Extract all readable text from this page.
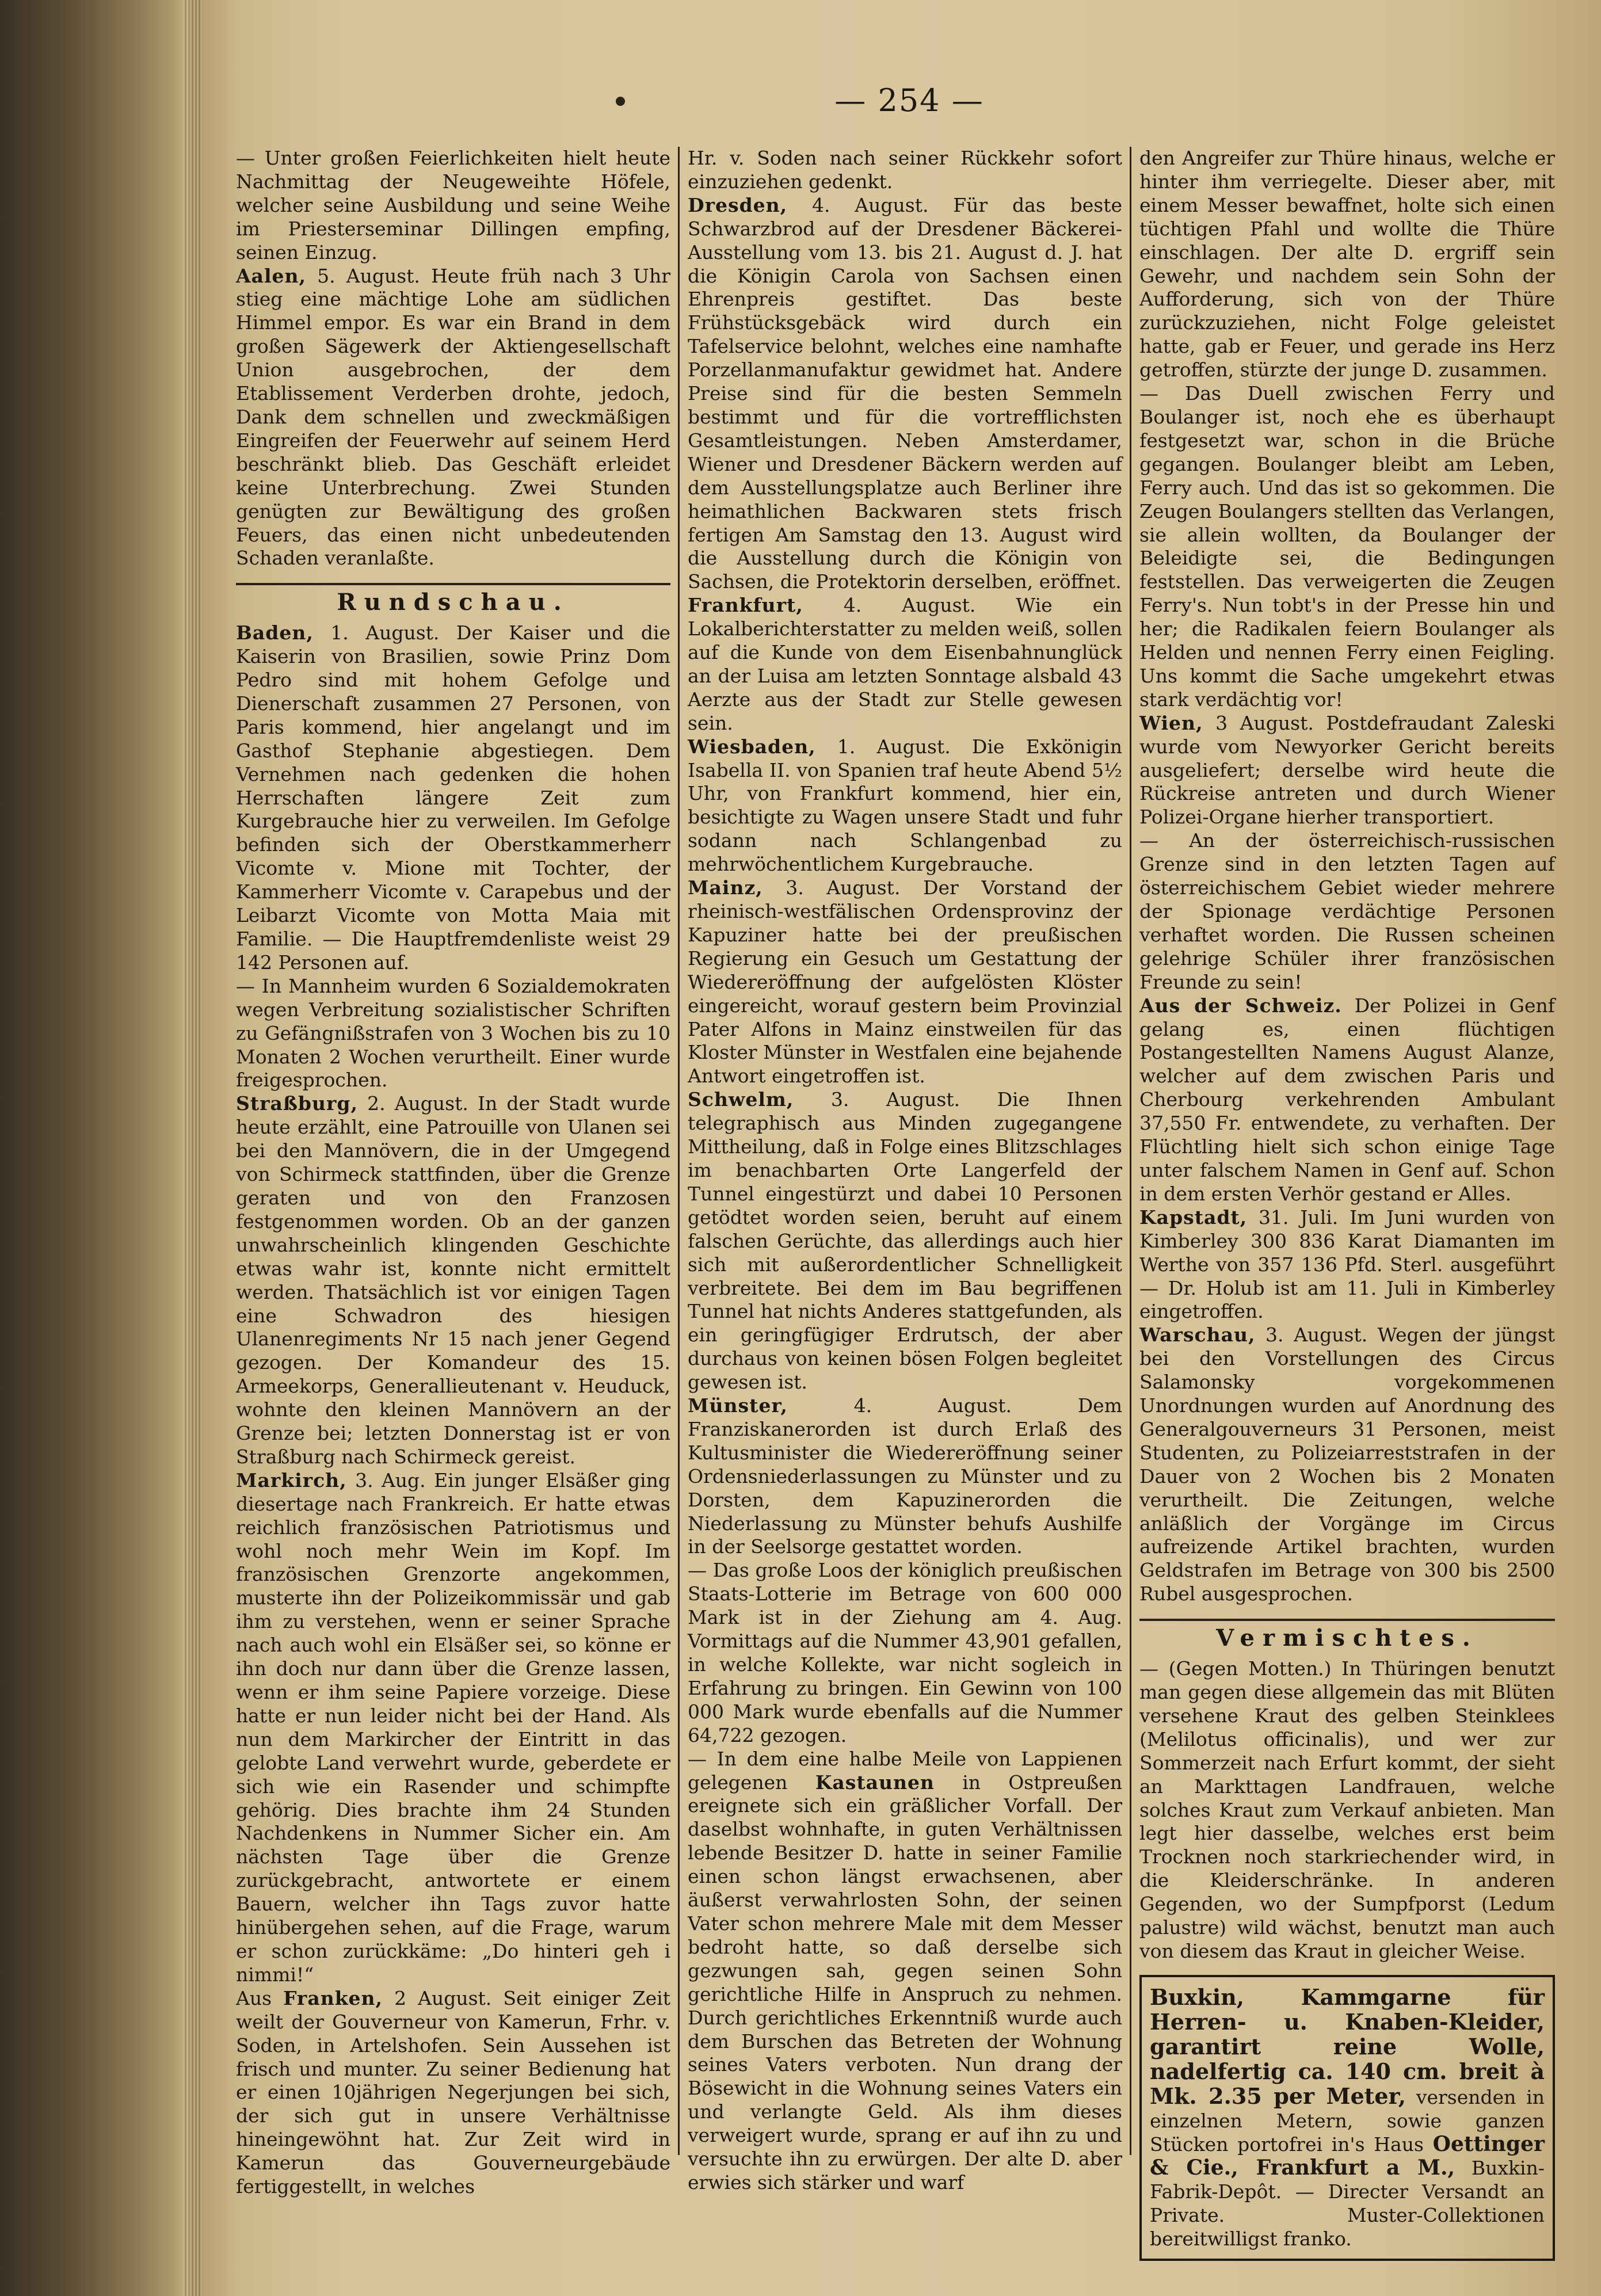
— 254 —

— Unter großen Feierlichkeiten hielt heute Nachmittag der Neugeweihte Höfele, welcher seine Ausbildung und seine Weihe im Priesterseminar Dillingen empfing, seinen Einzug.

Aalen, 5. August. Heute früh nach 3 Uhr stieg eine mächtige Lohe am südlichen Himmel empor. Es war ein Brand in dem großen Sägewerk der Aktiengesellschaft Union ausgebrochen, der dem Etablissement Verderben drohte, jedoch, Dank dem schnellen und zweckmäßigen Eingreifen der Feuerwehr auf seinem Herd beschränkt blieb. Das Geschäft erleidet keine Unterbrechung. Zwei Stunden genügten zur Bewältigung des großen Feuers, das einen nicht unbedeutenden Schaden veranlaßte.

Rundschau.

Baden, 1. August. Der Kaiser und die Kaiserin von Brasilien, sowie Prinz Dom Pedro sind mit hohem Gefolge und Dienerschaft zusammen 27 Personen, von Paris kommend, hier angelangt und im Gasthof Stephanie abgestiegen. Dem Vernehmen nach gedenken die hohen Herrschaften längere Zeit zum Kurgebrauche hier zu verweilen. Im Gefolge befinden sich der Oberstkammerherr Vicomte v. Mione mit Tochter, der Kammerherr Vicomte v. Carapebus und der Leibarzt Vicomte von Motta Maia mit Familie. — Die Hauptfremdenliste weist 29 142 Personen auf.

— In Mannheim wurden 6 Sozialdemokraten wegen Verbreitung sozialistischer Schriften zu Gefängnißstrafen von 3 Wochen bis zu 10 Monaten 2 Wochen verurtheilt. Einer wurde freigesprochen.

Straßburg, 2. August. In der Stadt wurde heute erzählt, eine Patrouille von Ulanen sei bei den Mannövern, die in der Umgegend von Schirmeck stattfinden, über die Grenze geraten und von den Franzosen festgenommen worden. Ob an der ganzen unwahrscheinlich klingenden Geschichte etwas wahr ist, konnte nicht ermittelt werden. Thatsächlich ist vor einigen Tagen eine Schwadron des hiesigen Ulanenregiments Nr 15 nach jener Gegend gezogen. Der Komandeur des 15. Armeekorps, Generallieutenant v. Heuduck, wohnte den kleinen Mannövern an der Grenze bei; letzten Donnerstag ist er von Straßburg nach Schirmeck gereist.

Markirch, 3. Aug. Ein junger Elsäßer ging diesertage nach Frankreich. Er hatte etwas reichlich französischen Patriotismus und wohl noch mehr Wein im Kopf. Im französischen Grenzorte angekommen, musterte ihn der Polizeikommissär und gab ihm zu verstehen, wenn er seiner Sprache nach auch wohl ein Elsäßer sei, so könne er ihn doch nur dann über die Grenze lassen, wenn er ihm seine Papiere vorzeige. Diese hatte er nun leider nicht bei der Hand. Als nun dem Markircher der Eintritt in das gelobte Land verwehrt wurde, geberdete er sich wie ein Rasender und schimpfte gehörig. Dies brachte ihm 24 Stunden Nachdenkens in Nummer Sicher ein. Am nächsten Tage über die Grenze zurückgebracht, antwortete er einem Bauern, welcher ihn Tags zuvor hatte hinübergehen sehen, auf die Frage, warum er schon zurückkäme: „Do hinteri geh i nimmi!“

Aus Franken, 2 August. Seit einiger Zeit weilt der Gouverneur von Kamerun, Frhr. v. Soden, in Artelshofen. Sein Aussehen ist frisch und munter. Zu seiner Bedienung hat er einen 10jährigen Negerjungen bei sich, der sich gut in unsere Verhältnisse hineingewöhnt hat. Zur Zeit wird in Kamerun das Gouverneurgebäude fertiggestellt, in welches

Hr. v. Soden nach seiner Rückkehr sofort einzuziehen gedenkt.

Dresden, 4. August. Für das beste Schwarzbrod auf der Dresdener Bäckerei-Ausstellung vom 13. bis 21. August d. J. hat die Königin Carola von Sachsen einen Ehrenpreis gestiftet. Das beste Frühstücksgebäck wird durch ein Tafelservice belohnt, welches eine namhafte Porzellanmanufaktur gewidmet hat. Andere Preise sind für die besten Semmeln bestimmt und für die vortrefflichsten Gesamtleistungen. Neben Amsterdamer, Wiener und Dresdener Bäckern werden auf dem Ausstellungsplatze auch Berliner ihre heimathlichen Backwaren stets frisch fertigen Am Samstag den 13. August wird die Ausstellung durch die Königin von Sachsen, die Protektorin derselben, eröffnet.

Frankfurt, 4. August. Wie ein Lokalberichterstatter zu melden weiß, sollen auf die Kunde von dem Eisenbahnunglück an der Luisa am letzten Sonntage alsbald 43 Aerzte aus der Stadt zur Stelle gewesen sein.

Wiesbaden, 1. August. Die Exkönigin Isabella II. von Spanien traf heute Abend 5½ Uhr, von Frankfurt kommend, hier ein, besichtigte zu Wagen unsere Stadt und fuhr sodann nach Schlangenbad zu mehrwöchentlichem Kurgebrauche.

Mainz, 3. August. Der Vorstand der rheinisch-westfälischen Ordensprovinz der Kapuziner hatte bei der preußischen Regierung ein Gesuch um Gestattung der Wiedereröffnung der aufgelösten Klöster eingereicht, worauf gestern beim Provinzial Pater Alfons in Mainz einstweilen für das Kloster Münster in Westfalen eine bejahende Antwort eingetroffen ist.

Schwelm, 3. August. Die Ihnen telegraphisch aus Minden zugegangene Mittheilung, daß in Folge eines Blitzschlages im benachbarten Orte Langerfeld der Tunnel eingestürzt und dabei 10 Personen getödtet worden seien, beruht auf einem falschen Gerüchte, das allerdings auch hier sich mit außerordentlicher Schnelligkeit verbreitete. Bei dem im Bau begriffenen Tunnel hat nichts Anderes stattgefunden, als ein geringfügiger Erdrutsch, der aber durchaus von keinen bösen Folgen begleitet gewesen ist.

Münster, 4. August. Dem Franziskanerorden ist durch Erlaß des Kultusminister die Wiedereröffnung seiner Ordensniederlassungen zu Münster und zu Dorsten, dem Kapuzinerorden die Niederlassung zu Münster behufs Aushilfe in der Seelsorge gestattet worden.

— Das große Loos der königlich preußischen Staats-Lotterie im Betrage von 600 000 Mark ist in der Ziehung am 4. Aug. Vormittags auf die Nummer 43,901 gefallen, in welche Kollekte, war nicht sogleich in Erfahrung zu bringen. Ein Gewinn von 100 000 Mark wurde ebenfalls auf die Nummer 64,722 gezogen.

— In dem eine halbe Meile von Lappienen gelegenen Kastaunen in Ostpreußen ereignete sich ein gräßlicher Vorfall. Der daselbst wohnhafte, in guten Verhältnissen lebende Besitzer D. hatte in seiner Familie einen schon längst erwachsenen, aber äußerst verwahrlosten Sohn, der seinen Vater schon mehrere Male mit dem Messer bedroht hatte, so daß derselbe sich gezwungen sah, gegen seinen Sohn gerichtliche Hilfe in Anspruch zu nehmen. Durch gerichtliches Erkenntniß wurde auch dem Burschen das Betreten der Wohnung seines Vaters verboten. Nun drang der Bösewicht in die Wohnung seines Vaters ein und verlangte Geld. Als ihm dieses verweigert wurde, sprang er auf ihn zu und versuchte ihn zu erwürgen. Der alte D. aber erwies sich stärker und warf

den Angreifer zur Thüre hinaus, welche er hinter ihm verriegelte. Dieser aber, mit einem Messer bewaffnet, holte sich einen tüchtigen Pfahl und wollte die Thüre einschlagen. Der alte D. ergriff sein Gewehr, und nachdem sein Sohn der Aufforderung, sich von der Thüre zurückzuziehen, nicht Folge geleistet hatte, gab er Feuer, und gerade ins Herz getroffen, stürzte der junge D. zusammen.

— Das Duell zwischen Ferry und Boulanger ist, noch ehe es überhaupt festgesetzt war, schon in die Brüche gegangen. Boulanger bleibt am Leben, Ferry auch. Und das ist so gekommen. Die Zeugen Boulangers stellten das Verlangen, sie allein wollten, da Boulanger der Beleidigte sei, die Bedingungen feststellen. Das verweigerten die Zeugen Ferry's. Nun tobt's in der Presse hin und her; die Radikalen feiern Boulanger als Helden und nennen Ferry einen Feigling. Uns kommt die Sache umgekehrt etwas stark verdächtig vor!

Wien, 3 August. Postdefraudant Zaleski wurde vom Newyorker Gericht bereits ausgeliefert; derselbe wird heute die Rückreise antreten und durch Wiener Polizei-Organe hierher transportiert.

— An der österreichisch-russischen Grenze sind in den letzten Tagen auf österreichischem Gebiet wieder mehrere der Spionage verdächtige Personen verhaftet worden. Die Russen scheinen gelehrige Schüler ihrer französischen Freunde zu sein!

Aus der Schweiz. Der Polizei in Genf gelang es, einen flüchtigen Postangestellten Namens August Alanze, welcher auf dem zwischen Paris und Cherbourg verkehrenden Ambulant 37,550 Fr. entwendete, zu verhaften. Der Flüchtling hielt sich schon einige Tage unter falschem Namen in Genf auf. Schon in dem ersten Verhör gestand er Alles.

Kapstadt, 31. Juli. Im Juni wurden von Kimberley 300 836 Karat Diamanten im Werthe von 357 136 Pfd. Sterl. ausgeführt — Dr. Holub ist am 11. Juli in Kimberley eingetroffen.

Warschau, 3. August. Wegen der jüngst bei den Vorstellungen des Circus Salamonsky vorgekommenen Unordnungen wurden auf Anordnung des Generalgouverneurs 31 Personen, meist Studenten, zu Polizeiarreststrafen in der Dauer von 2 Wochen bis 2 Monaten verurtheilt. Die Zeitungen, welche anläßlich der Vorgänge im Circus aufreizende Artikel brachten, wurden Geldstrafen im Betrage von 300 bis 2500 Rubel ausgesprochen.

Vermischtes.

— (Gegen Motten.) In Thüringen benutzt man gegen diese allgemein das mit Blüten versehene Kraut des gelben Steinklees (Melilotus officinalis), und wer zur Sommerzeit nach Erfurt kommt, der sieht an Markttagen Landfrauen, welche solches Kraut zum Verkauf anbieten. Man legt hier dasselbe, welches erst beim Trocknen noch starkriechender wird, in die Kleiderschränke. In anderen Gegenden, wo der Sumpfporst (Ledum palustre) wild wächst, benutzt man auch von diesem das Kraut in gleicher Weise.

Buxkin, Kammgarne für Herren- u. Knaben-Kleider, garantirt reine Wolle, nadelfertig ca. 140 cm. breit à Mk. 2.35 per Meter, versenden in einzelnen Metern, sowie ganzen Stücken portofrei in's Haus Oettinger & Cie., Frankfurt a M., Buxkin-Fabrik-Depôt. — Directer Versandt an Private. Muster-Collektionen bereitwilligst franko.
